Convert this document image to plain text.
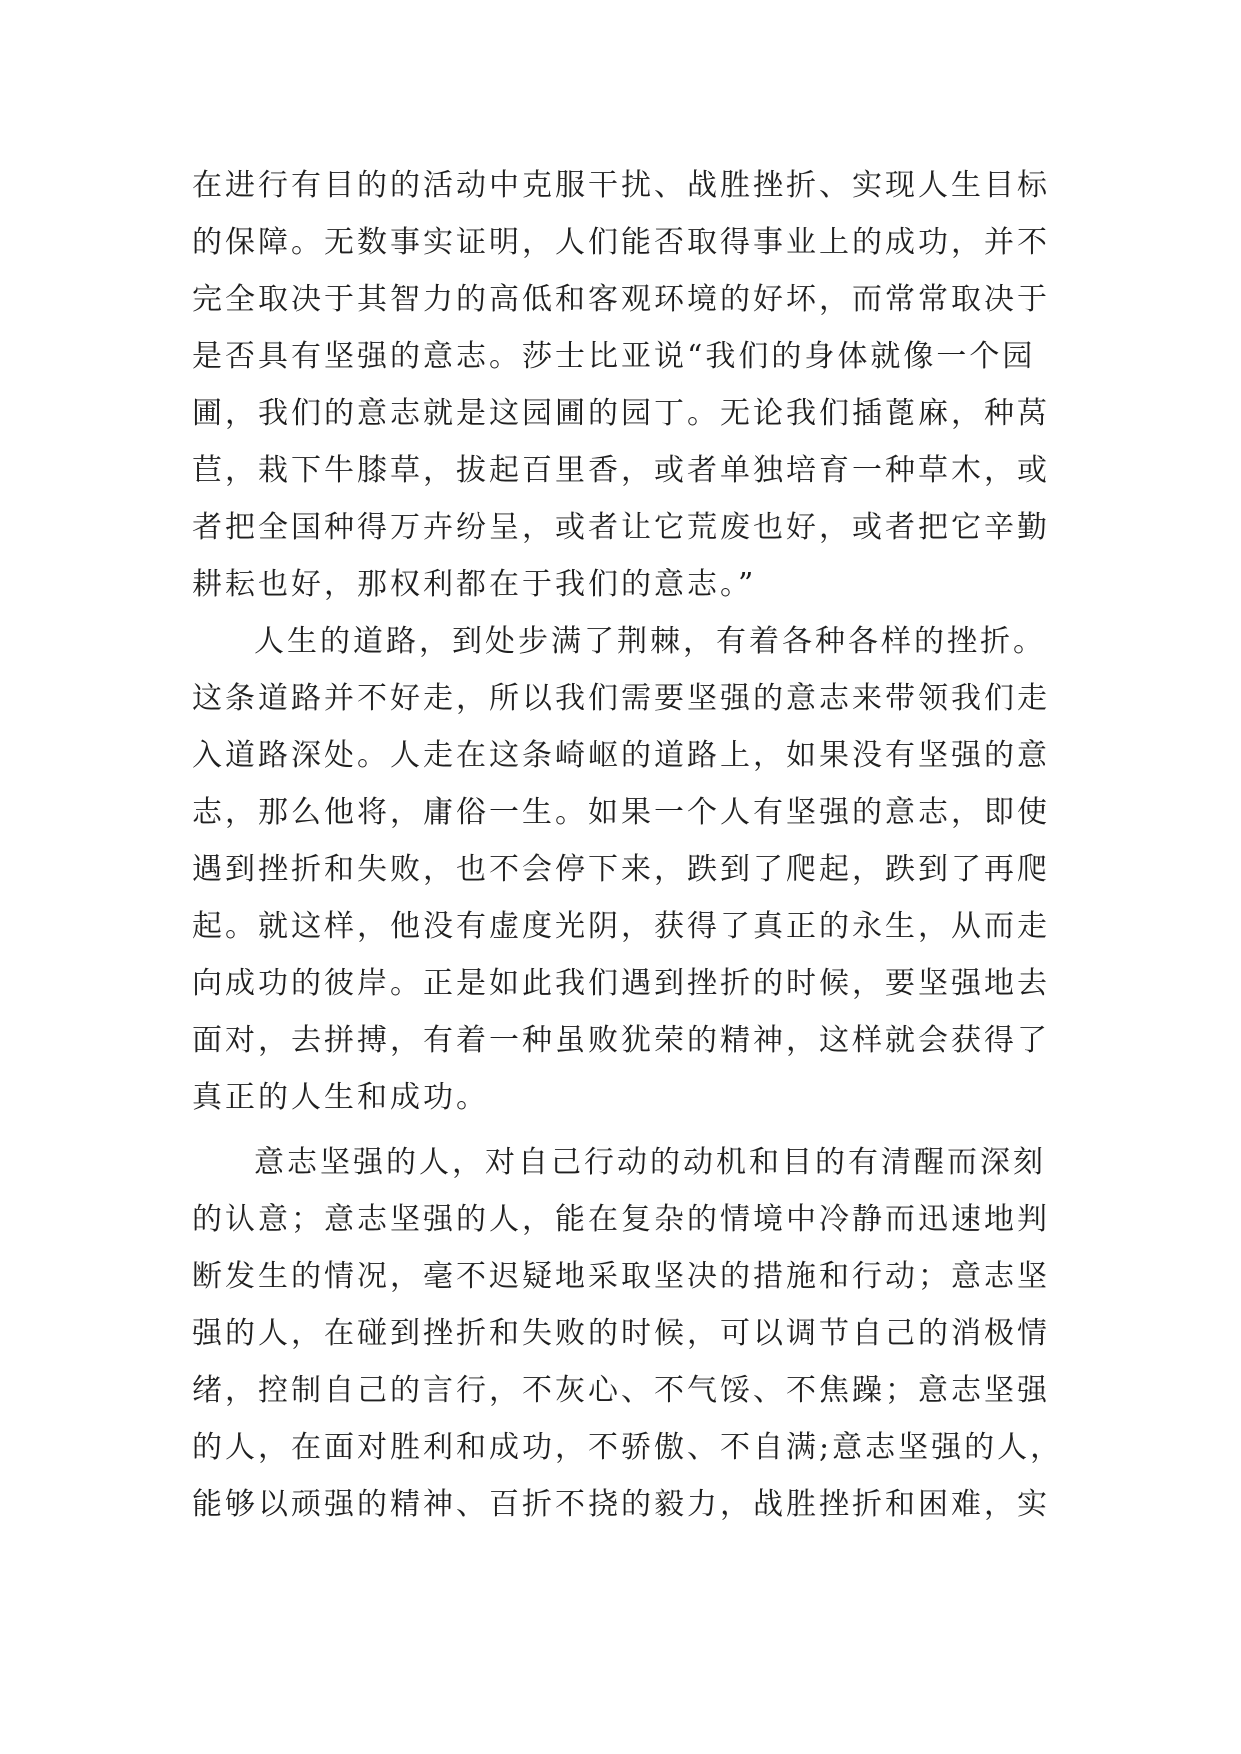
在进行有目的的活动中克服干扰、战胜挫折、实现人生目标
的保障。无数事实证明，人们能否取得事业上的成功，并不
完全取决于其智力的高低和客观环境的好坏，而常常取决于
是否具有坚强的意志。莎士比亚说“我们的身体就像一个园
圃，我们的意志就是这园圃的园丁。无论我们插蓖麻，种莴
苣，栽下牛膝草，拔起百里香，或者单独培育一种草木，或
者把全国种得万卉纷呈，或者让它荒废也好，或者把它辛勤
耕耘也好，那权利都在于我们的意志。”
人生的道路，到处步满了荆棘，有着各种各样的挫折。
这条道路并不好走，所以我们需要坚强的意志来带领我们走
入道路深处。人走在这条崎岖的道路上，如果没有坚强的意
志，那么他将，庸俗一生。如果一个人有坚强的意志，即使
遇到挫折和失败，也不会停下来，跌到了爬起，跌到了再爬
起。就这样，他没有虚度光阴，获得了真正的永生，从而走
向成功的彼岸。正是如此我们遇到挫折的时候，要坚强地去
面对，去拼搏，有着一种虽败犹荣的精神，这样就会获得了
真正的人生和成功。
意志坚强的人，对自己行动的动机和目的有清醒而深刻
的认意；意志坚强的人，能在复杂的情境中冷静而迅速地判
断发生的情况，毫不迟疑地采取坚决的措施和行动；意志坚
强的人，在碰到挫折和失败的时候，可以调节自己的消极情
绪，控制自己的言行，不灰心、不气馁、不焦躁；意志坚强
的人，在面对胜利和成功，不骄傲、不自满;意志坚强的人，
能够以顽强的精神、百折不挠的毅力，战胜挫折和困难，实
